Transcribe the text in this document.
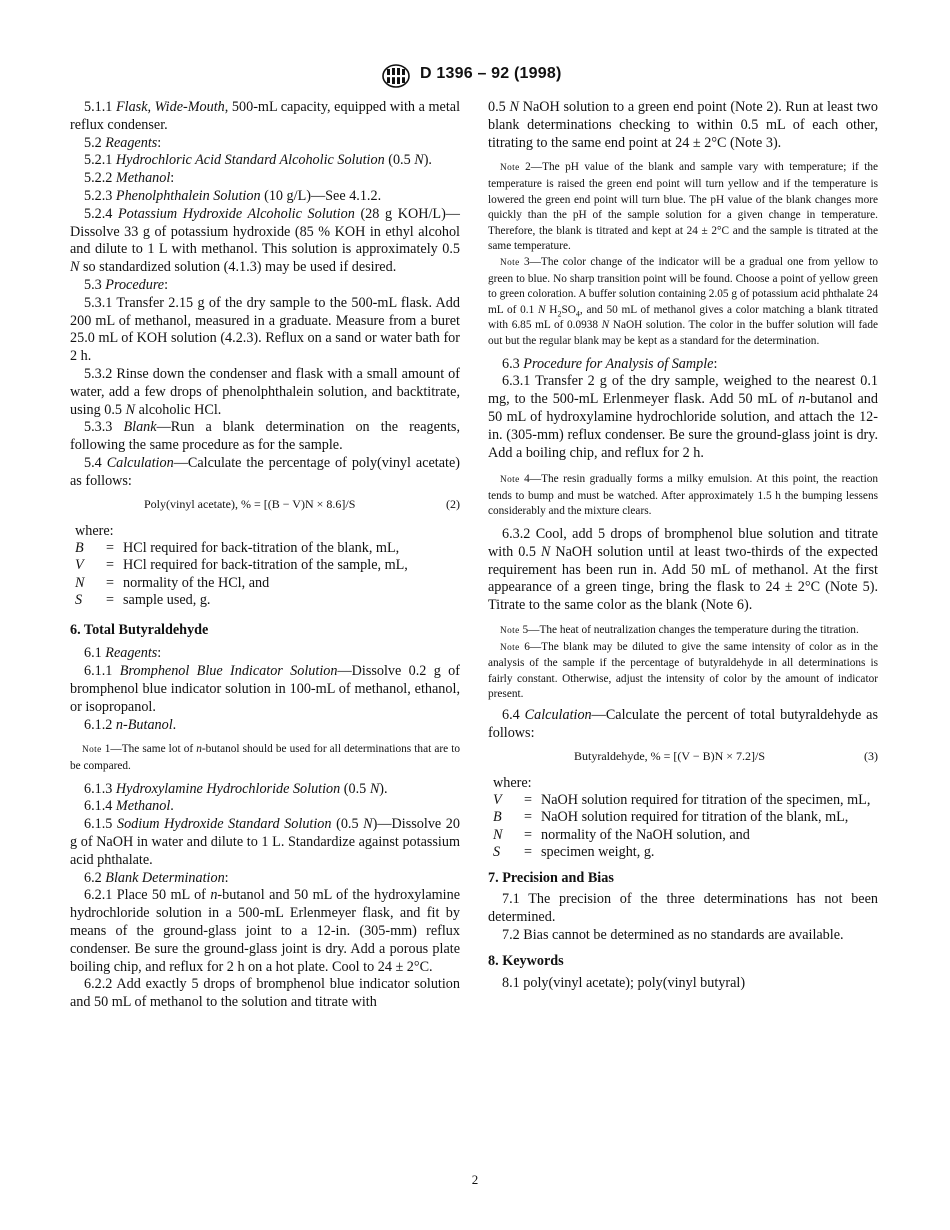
D 1396 – 92 (1998)

5.1.1 Flask, Wide-Mouth, 500-mL capacity, equipped with a metal reflux condenser.

5.2 Reagents:

5.2.1 Hydrochloric Acid Standard Alcoholic Solution (0.5 N).

5.2.2 Methanol:

5.2.3 Phenolphthalein Solution (10 g/L)—See 4.1.2.

5.2.4 Potassium Hydroxide Alcoholic Solution (28 g KOH/L)—Dissolve 33 g of potassium hydroxide (85 % KOH in ethyl alcohol and dilute to 1 L with methanol. This solution is approximately 0.5 N so standardized solution (4.1.3) may be used if desired.

5.3 Procedure:

5.3.1 Transfer 2.15 g of the dry sample to the 500-mL flask. Add 200 mL of methanol, measured in a graduate. Measure from a buret 25.0 mL of KOH solution (4.2.3). Reflux on a sand or water bath for 2 h.

5.3.2 Rinse down the condenser and flask with a small amount of water, add a few drops of phenolphthalein solution, and backtitrate, using 0.5 N alcoholic HCl.

5.3.3 Blank—Run a blank determination on the reagents, following the same procedure as for the sample.

5.4 Calculation—Calculate the percentage of poly(vinyl acetate) as follows:

Poly(vinyl acetate), % = [(B − V)N × 8.6]/S	(2)
where:
B	= HCl required for back-titration of the blank, mL,
V	= HCl required for back-titration of the sample, mL,
N	= normality of the HCl, and
S	= sample used, g.
6. Total Butyraldehyde

6.1 Reagents:

6.1.1 Bromphenol Blue Indicator Solution—Dissolve 0.2 g of bromphenol blue indicator solution in 100-mL of methanol, ethanol, or isopropanol.

6.1.2 n-Butanol.

Note 1—The same lot of n-butanol should be used for all determinations that are to be compared.

6.1.3 Hydroxylamine Hydrochloride Solution (0.5 N).

6.1.4 Methanol.

6.1.5 Sodium Hydroxide Standard Solution (0.5 N)—Dissolve 20 g of NaOH in water and dilute to 1 L. Standardize against potassium acid phthalate.

6.2 Blank Determination:

6.2.1 Place 50 mL of n-butanol and 50 mL of the hydroxylamine hydrochloride solution in a 500-mL Erlenmeyer flask, and fit by means of the ground-glass joint to a 12-in. (305-mm) reflux condenser. Be sure the ground-glass joint is dry. Add a porous plate boiling chip, and reflux for 2 h on a hot plate. Cool to 24 ± 2°C.

6.2.2 Add exactly 5 drops of bromphenol blue indicator solution and 50 mL of methanol to the solution and titrate with

0.5 N NaOH solution to a green end point (Note 2). Run at least two blank determinations checking to within 0.5 mL of each other, titrating to the same end point at 24 ± 2°C (Note 3).

Note 2—The pH value of the blank and sample vary with temperature; if the temperature is raised the green end point will turn yellow and if the temperature is lowered the green end point will turn blue. The pH value of the blank changes more quickly than the pH of the sample solution for a given change in temperature. Therefore, the blank is titrated and kept at 24 ± 2°C and the sample is titrated at the same temperature.

Note 3—The color change of the indicator will be a gradual one from yellow to green to blue. No sharp transition point will be found. Choose a point of yellow green to green coloration. A buffer solution containing 2.05 g of potassium acid phthalate 24 mL of 0.1 N $H_2SO_4$, and 50 mL of methanol gives a color matching a blank titrated with 6.85 mL of 0.0938 N NaOH solution. The color in the buffer solution will fade out but the regular blank may be kept as a standard for the determination.

6.3 Procedure for Analysis of Sample:

6.3.1 Transfer 2 g of the dry sample, weighed to the nearest 0.1 mg, to the 500-mL Erlenmeyer flask. Add 50 mL of n-butanol and 50 mL of hydroxylamine hydrochloride solution, and attach the 12-in. (305-mm) reflux condenser. Be sure the ground-glass joint is dry. Add a boiling chip, and reflux for 2 h.

Note 4—The resin gradually forms a milky emulsion. At this point, the reaction tends to bump and must be watched. After approximately 1.5 h the bumping lessens considerably and the mixture clears.

6.3.2 Cool, add 5 drops of bromphenol blue solution and titrate with 0.5 N NaOH solution until at least two-thirds of the expected requirement has been run in. Add 50 mL of methanol. At the first appearance of a green tinge, bring the flask to 24 ± 2°C (Note 5). Titrate to the same color as the blank (Note 6).

Note 5—The heat of neutralization changes the temperature during the titration.

Note 6—The blank may be diluted to give the same intensity of color as in the analysis of the sample if the percentage of butyraldehyde in all determinations is fairly constant. Otherwise, adjust the intensity of color by the amount of indicator present.

6.4 Calculation—Calculate the percent of total butyraldehyde as follows:

Butyraldehyde, % = [(V − B)N × 7.2]/S	(3)
where:
V	= NaOH solution required for titration of the specimen, mL,
B	= NaOH solution required for titration of the blank, mL,
N	= normality of the NaOH solution, and
S	= specimen weight, g.
7. Precision and Bias

7.1 The precision of the three determinations has not been determined.

7.2 Bias cannot be determined as no standards are available.

8. Keywords

8.1 poly(vinyl acetate); poly(vinyl butyral)

2
